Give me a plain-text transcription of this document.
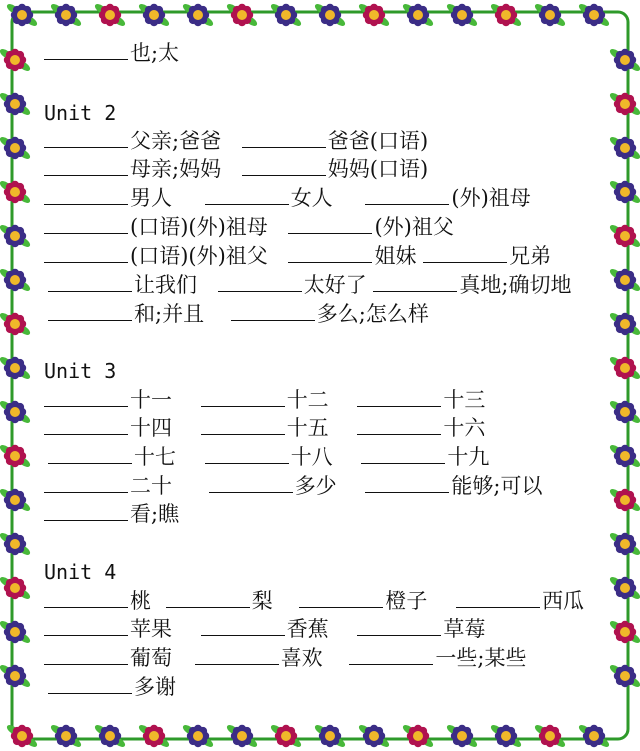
也;太
Unit 2
父亲;爸爸	爸爸(口语)
母亲;妈妈	妈妈(口语)
男人	女人	(外)祖母
(口语)(外)祖母	(外)祖父
(口语)(外)祖父	姐妹	兄弟
让我们	太好了	真地;确切地
和;并且	多么;怎么样
Unit 3
十一	十二	十三
十四	十五	十六
十七	十八	十九
二十	多少	能够;可以
看;瞧
Unit 4
桃	梨	橙子	西瓜
苹果	香蕉	草莓
葡萄	喜欢	一些;某些
多谢
